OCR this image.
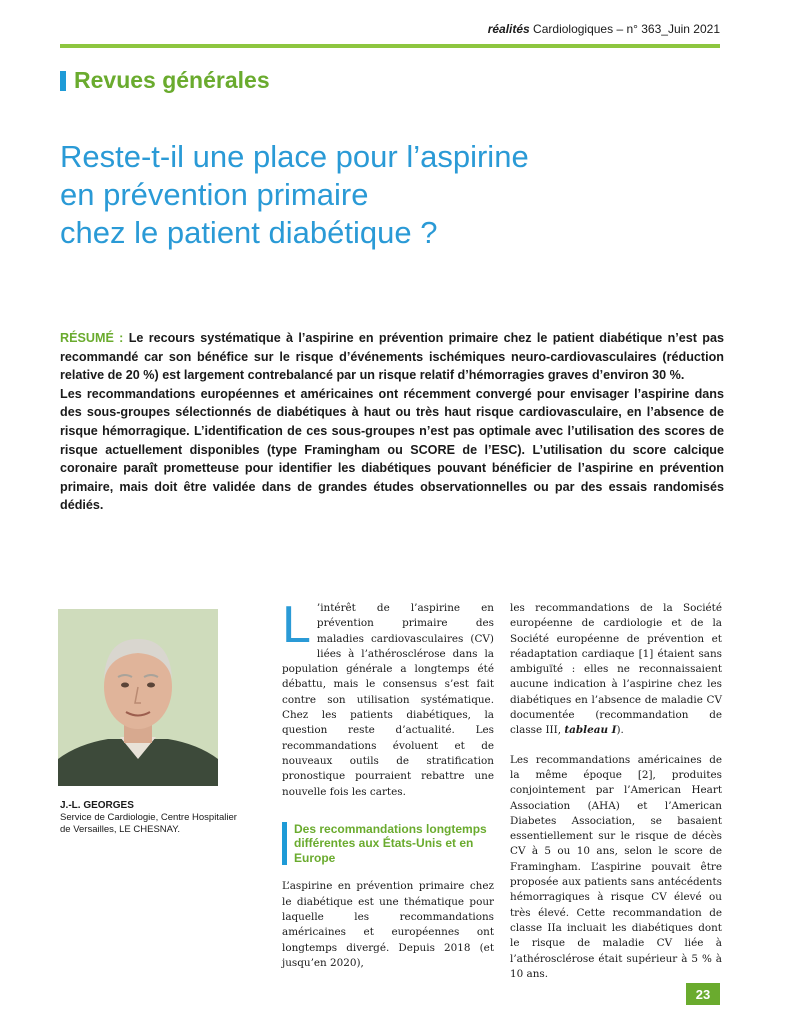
réalités Cardiologiques – n° 363_Juin 2021
Revues générales
Reste-t-il une place pour l’aspirine
en prévention primaire
chez le patient diabétique ?

RÉSUMÉ : Le recours systématique à l’aspirine en prévention primaire chez le patient diabétique n’est pas recommandé car son bénéfice sur le risque d’événements ischémiques neuro-cardiovasculaires (réduction relative de 20 %) est largement contrebalancé par un risque relatif d’hémorragies graves d’environ 30 %.

Les recommandations européennes et américaines ont récemment convergé pour envisager l’aspirine dans des sous-groupes sélectionnés de diabétiques à haut ou très haut risque cardiovasculaire, en l’absence de risque hémorragique. L’identification de ces sous-groupes n’est pas optimale avec l’utilisation des scores de risque actuellement disponibles (type Framingham ou SCORE de l’ESC). L’utilisation du score calcique coronaire paraît prometteuse pour identifier les diabétiques pouvant bénéficier de l’aspirine en prévention primaire, mais doit être validée dans de grandes études observationnelles ou par des essais randomisés dédiés.

J.-L. GEORGES
Service de Cardiologie, Centre Hospitalier de Versailles, LE CHESNAY.

L ’intérêt de l’aspirine en prévention primaire des maladies cardiovasculaires (CV) liées à l’athérosclérose dans la population générale a longtemps été débattu, mais le consensus s’est fait contre son utilisation systématique. Chez les patients diabétiques, la question reste d’actualité. Les recommandations évoluent et de nouveaux outils de stratification pronostique pourraient rebattre une nouvelle fois les cartes.

Des recommandations longtemps différentes aux États-Unis et en Europe

L’aspirine en prévention primaire chez le diabétique est une thématique pour laquelle les recommandations américaines et européennes ont longtemps divergé. Depuis 2018 (et jusqu’en 2020),

les recommandations de la Société européenne de cardiologie et de la Société européenne de prévention et réadaptation cardiaque [1] étaient sans ambiguïté : elles ne reconnaissaient aucune indication à l’aspirine chez les diabétiques en l’absence de maladie CV documentée (recommandation de classe III, tableau I).

Les recommandations américaines de la même époque [2], produites conjointement par l’American Heart Association (AHA) et l’American Diabetes Association, se basaient essentiellement sur le risque de décès CV à 5 ou 10 ans, selon le score de Framingham. L’aspirine pouvait être proposée aux patients sans antécédents hémorragiques à risque CV élevé ou très élevé. Cette recommandation de classe IIa incluait les diabétiques dont le risque de maladie CV liée à l’athérosclérose était supérieur à 5 % à 10 ans.

23
